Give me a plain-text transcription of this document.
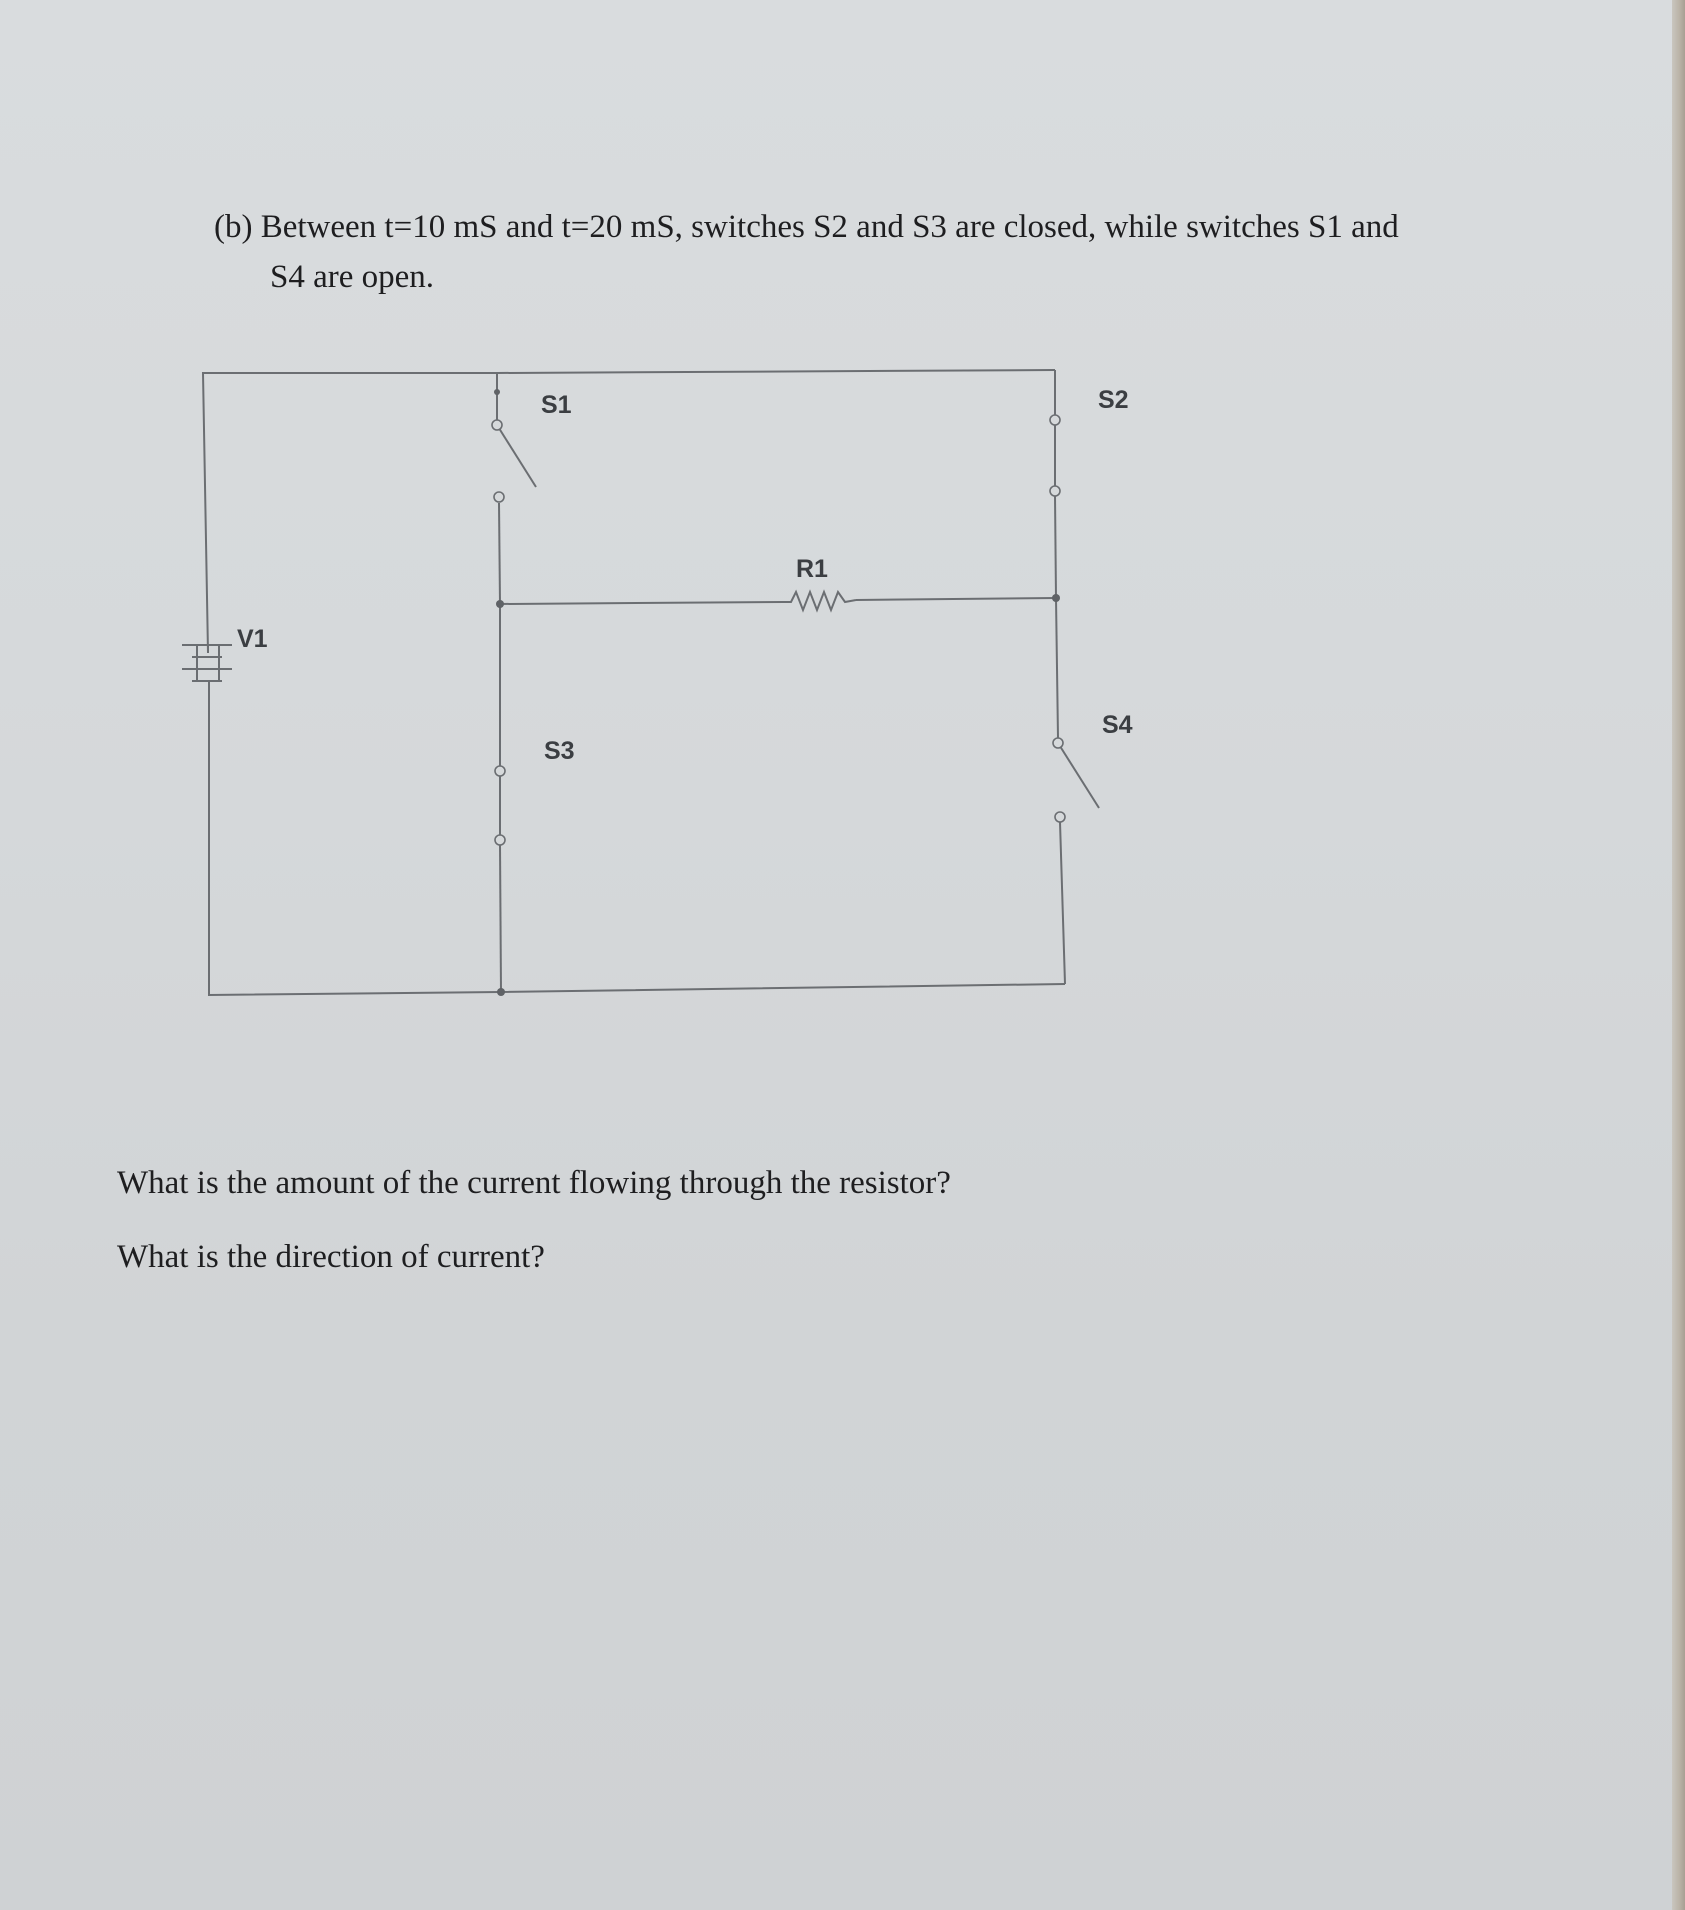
(b) Between t=10 mS and t=20 mS, switches S2 and S3 are closed, while switches S1 and
S4 are open.
V1
S1	S2
S3
S4
R1
What is the amount of the current flowing through the resistor?
What is the direction of current?
